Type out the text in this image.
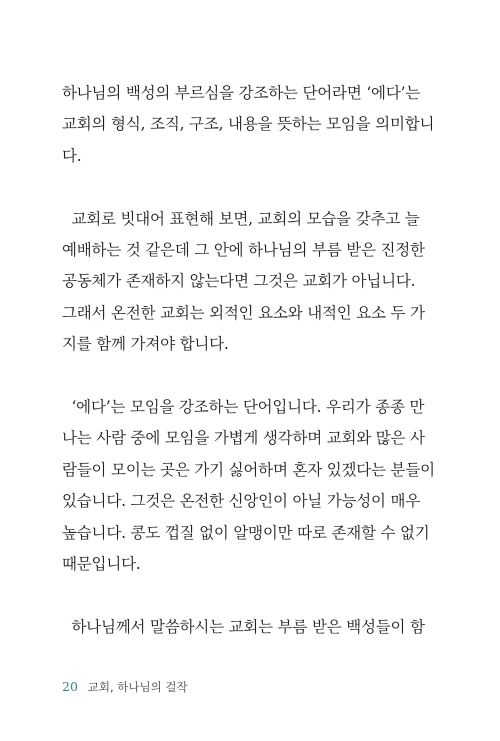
하나님의 백성의 부르심을 강조하는 단어라면 ‘에다’는
교회의 형식, 조직, 구조, 내용을 뜻하는 모임을 의미합니
다.

교회로 빗대어 표현해 보면, 교회의 모습을 갖추고 늘
예배하는 것 같은데 그 안에 하나님의 부름 받은 진정한
공동체가 존재하지 않는다면 그것은 교회가 아닙니다.
그래서 온전한 교회는 외적인 요소와 내적인 요소 두 가
지를 함께 가져야 합니다.

‘에다’는 모임을 강조하는 단어입니다. 우리가 종종 만
나는 사람 중에 모임을 가볍게 생각하며 교회와 많은 사
람들이 모이는 곳은 가기 싫어하며 혼자 있겠다는 분들이
있습니다. 그것은 온전한 신앙인이 아닐 가능성이 매우
높습니다. 콩도 껍질 없이 알맹이만 따로 존재할 수 없기
때문입니다.

하나님께서 말씀하시는 교회는 부름 받은 백성들이 함

20 교회, 하나님의 걸작
